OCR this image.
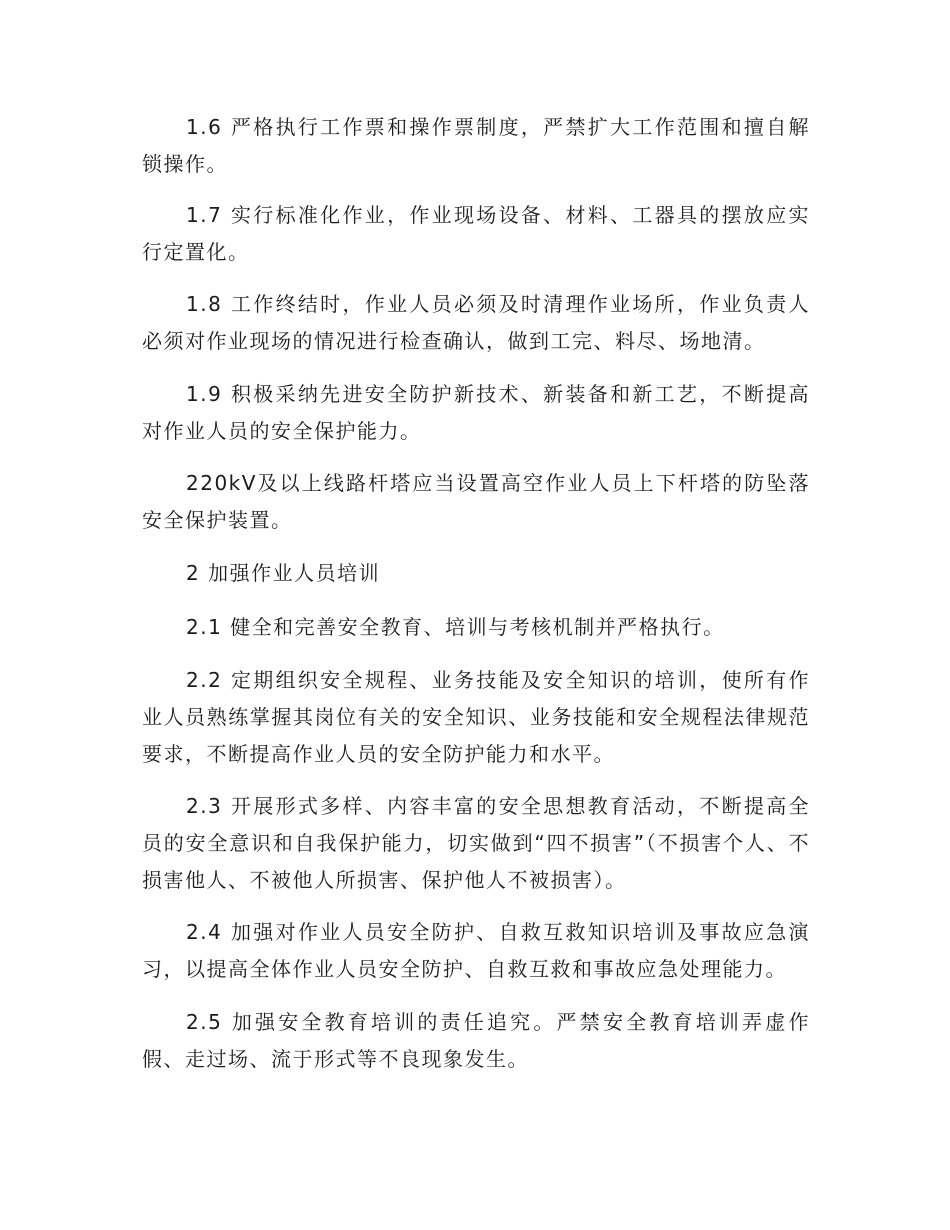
1.6 严格执行工作票和操作票制度，严禁扩大工作范围和擅自解锁操作。

1.7 实行标准化作业，作业现场设备、材料、工器具的摆放应实行定置化。

1.8 工作终结时，作业人员必须及时清理作业场所，作业负责人必须对作业现场的情况进行检查确认，做到工完、料尽、场地清。

1.9 积极采纳先进安全防护新技术、新装备和新工艺，不断提高对作业人员的安全保护能力。

220kV及以上线路杆塔应当设置高空作业人员上下杆塔的防坠落安全保护装置。

2 加强作业人员培训

2.1 健全和完善安全教育、培训与考核机制并严格执行。

2.2 定期组织安全规程、业务技能及安全知识的培训，使所有作业人员熟练掌握其岗位有关的安全知识、业务技能和安全规程法律规范要求，不断提高作业人员的安全防护能力和水平。

2.3 开展形式多样、内容丰富的安全思想教育活动，不断提高全员的安全意识和自我保护能力，切实做到“四不损害”（不损害个人、不损害他人、不被他人所损害、保护他人不被损害）。

2.4 加强对作业人员安全防护、自救互救知识培训及事故应急演习，以提高全体作业人员安全防护、自救互救和事故应急处理能力。

2.5 加强安全教育培训的责任追究。严禁安全教育培训弄虚作假、走过场、流于形式等不良现象发生。
